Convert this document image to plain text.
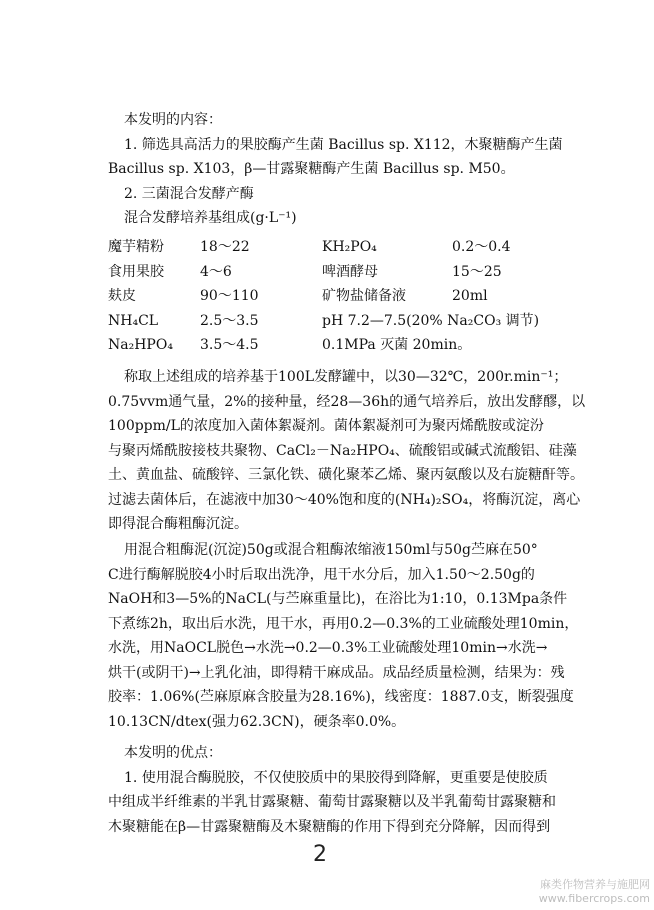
本发明的内容：
1. 筛选具高活力的果胶酶产生菌 Bacillus sp. X112，木聚糖酶产生菌
Bacillus sp. X103，β—甘露聚糖酶产生菌 Bacillus sp. M50。
2. 三菌混合发酵产酶
混合发酵培养基组成(g·L⁻¹)
魔芋精粉	18～22	KH₂PO₄	0.2～0.4
食用果胶	4～6	啤酒酵母	15～25
麸皮	90～110	矿物盐储备液	20ml
NH₄CL	2.5～3.5	pH 7.2—7.5(20% Na₂CO₃ 调节)
Na₂HPO₄	3.5～4.5	0.1MPa 灭菌 20min。
称取上述组成的培养基于100L发酵罐中，以30—32℃，200r.min⁻¹；
0.75vvm通气量，2%的接种量，经28—36h的通气培养后，放出发酵醪，以
100ppm/L的浓度加入菌体絮凝剂。菌体絮凝剂可为聚丙烯酰胺或淀汾
与聚丙烯酰胺接枝共聚物、CaCl₂－Na₂HPO₄、硫酸铝或碱式流酸铝、硅藻
土、黄血盐、硫酸锌、三氯化铁、磺化聚苯乙烯、聚丙氨酸以及右旋糖酐等。
过滤去菌体后，在滤液中加30～40%饱和度的(NH₄)₂SO₄，将酶沉淀，离心
即得混合酶粗酶沉淀。
用混合粗酶泥(沉淀)50g或混合粗酶浓缩液150ml与50g苎麻在50°
C进行酶解脱胶4小时后取出洗净，甩干水分后，加入1.50～2.50g的
NaOH和3—5%的NaCL(与苎麻重量比)，在浴比为1:10，0.13Mpa条件
下煮练2h，取出后水洗，甩干水，再用0.2—0.3%的工业硫酸处理10min，
水洗，用NaOCL脱色→水洗→0.2—0.3%工业硫酸处理10min→水洗→
烘干(或阴干)→上乳化油，即得精干麻成品。成品经质量检测，结果为：残
胶率：1.06%(苎麻原麻含胶量为28.16%)，线密度：1887.0支，断裂强度
10.13CN/dtex(强力62.3CN)，硬条率0.0%。
本发明的优点：
1. 使用混合酶脱胶，不仅使胶质中的果胶得到降解，更重要是使胶质
中组成半纤维素的半乳甘露聚糖、葡萄甘露聚糖以及半乳葡萄甘露聚糖和
木聚糖能在β—甘露聚糖酶及木聚糖酶的作用下得到充分降解，因而得到
2
麻类作物营养与施肥网
www.fibercrops.com
